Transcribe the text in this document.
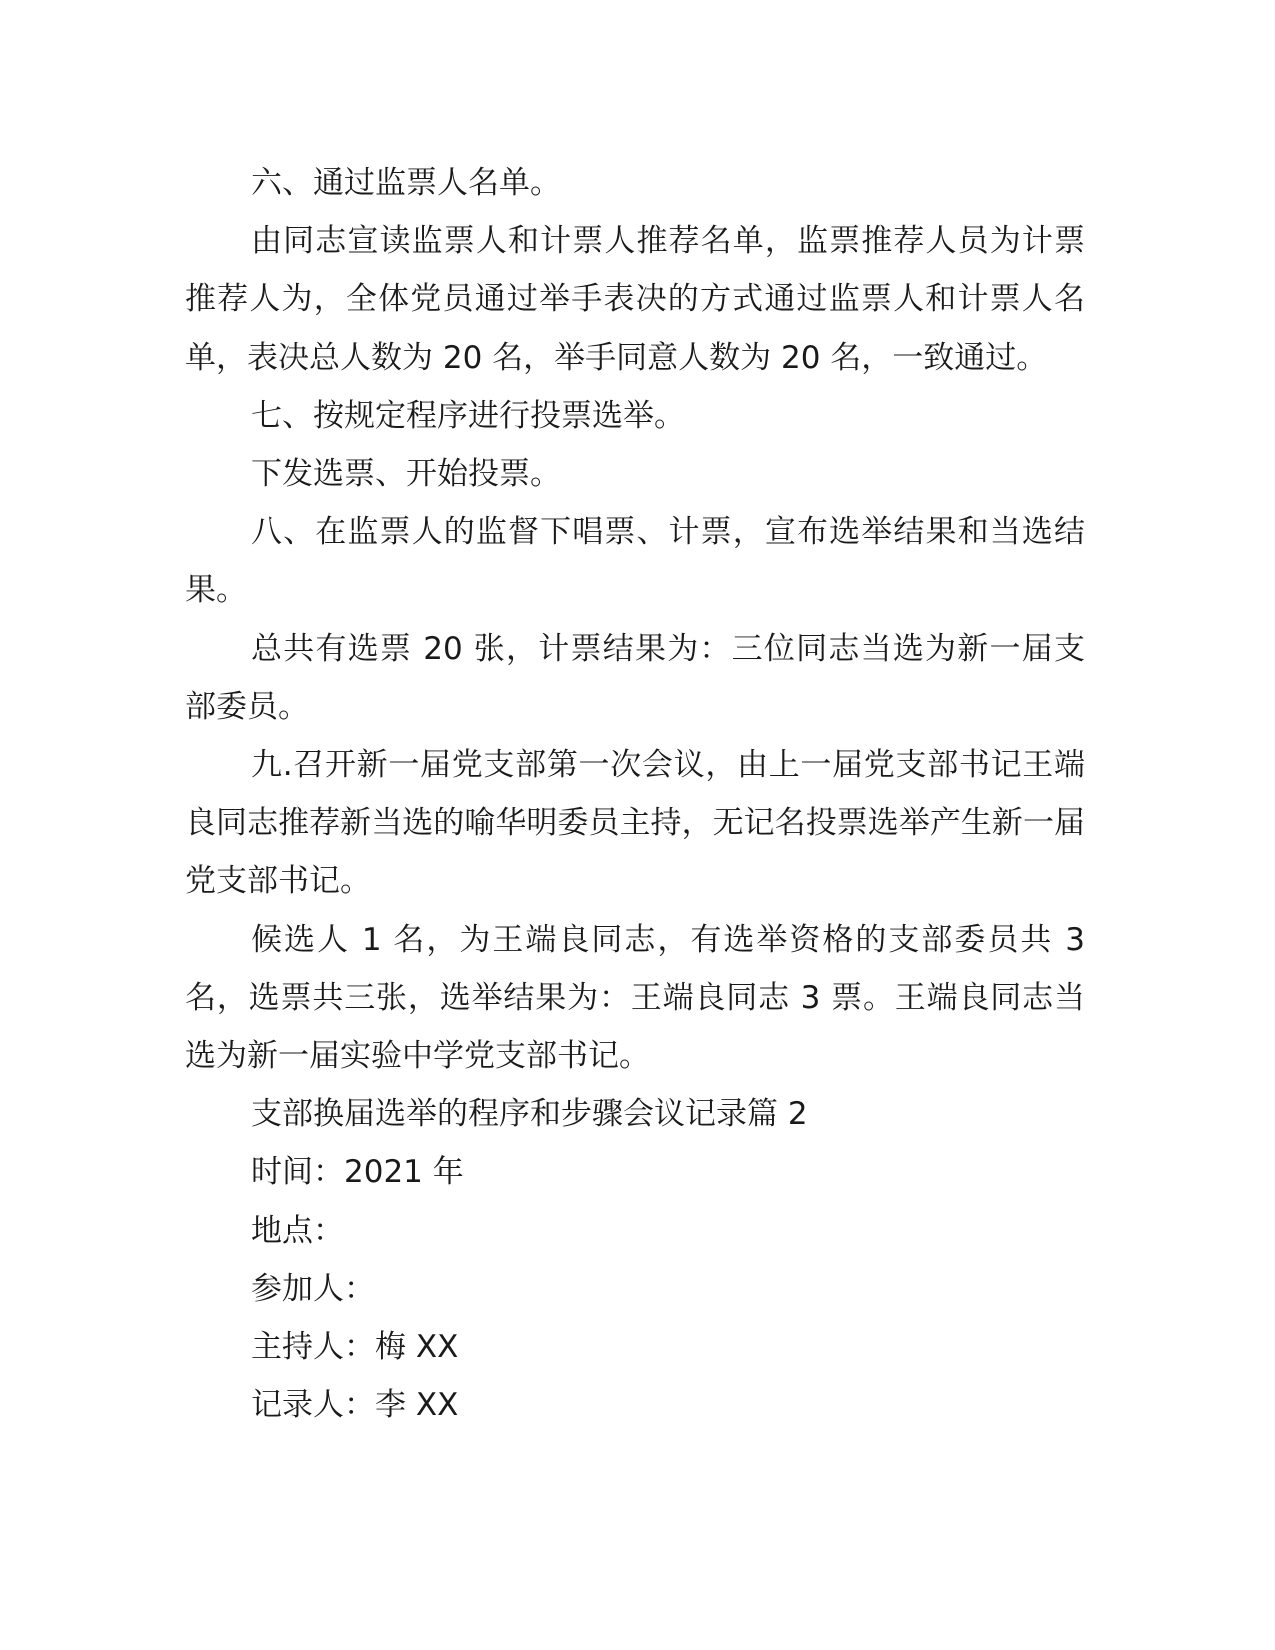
六、通过监票人名单。

由同志宣读监票人和计票人推荐名单，监票推荐人员为计票推荐人为，全体党员通过举手表决的方式通过监票人和计票人名单，表决总人数为 20 名，举手同意人数为 20 名，一致通过。

七、按规定程序进行投票选举。

下发选票、开始投票。

八、在监票人的监督下唱票、计票，宣布选举结果和当选结果。

总共有选票 20 张，计票结果为：三位同志当选为新一届支部委员。

九.召开新一届党支部第一次会议，由上一届党支部书记王端良同志推荐新当选的喻华明委员主持，无记名投票选举产生新一届党支部书记。

候选人 1 名，为王端良同志，有选举资格的支部委员共 3 名，选票共三张，选举结果为：王端良同志 3 票。王端良同志当选为新一届实验中学党支部书记。

支部换届选举的程序和步骤会议记录篇 2

时间：2021 年

地点：

参加人：

主持人：梅 XX

记录人：李 XX
